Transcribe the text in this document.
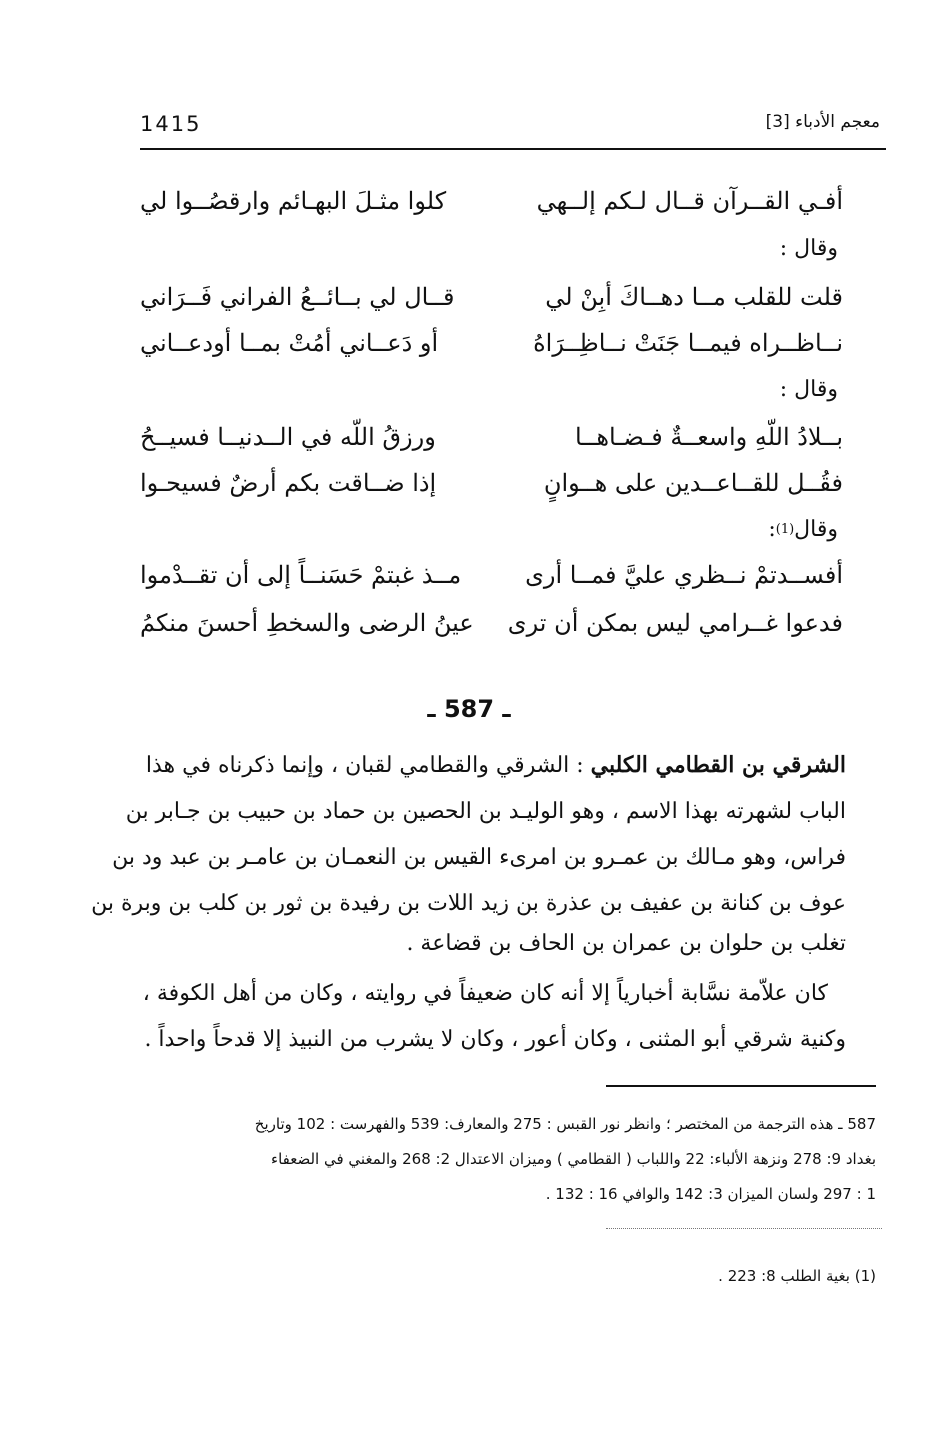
1415	معجم الأدباء [3]
أفـي القــرآن قــال لـكم إلــهي
كلوا مثـلَ البهـائم وارقصُــوا لي
وقال :
قلت للقلب مــا دهــاكَ أبِنْ لي
قــال لي بــائــعُ الفراني فَــرَاني
نــاظــراه فيمــا جَنَتْ نــاظِــرَاهُ
أو دَعــاني أمُتْ بمــا أودعــاني
وقال :
بــلادُ اللّهِ واسعــةٌ فـضـاهــا
ورزقُ اللّه في الــدنيــا فسيــحُ
فقُــل للقــاعــدين على هــوانٍ
إذا ضــاقت بكم أرضٌ فسيحـوا
وقال
(1)
:
أفســدتمْ نــظري عليَّ فمــا أرى
مــذ غبتمْ حَسَنــاً إلى أن تقــدْموا
فدعوا غــرامي ليس بمكن أن ترى
عينُ الرضى والسخطِ أحسنَ منكمُ
ـ 587 ـ
الشرقي بن القطامي الكلبي : الشرقي والقطامي لقبان ، وإنما ذكرناه في هذا
الباب لشهرته بهذا الاسم ، وهو الوليـد بن الحصين بن حماد بن حبيب بن جـابر بن
فراس، وهو مـالك بن عمـرو بن امرىء القيس بن النعمـان بن عامـر بن عبد ود بن
عوف بن كنانة بن عفيف بن عذرة بن زيد اللات بن رفيدة بن ثور بن كلب بن وبرة بن
تغلب بن حلوان بن عمران بن الحاف بن قضاعة .
كان علاّمة نسَّابة أخبارياً إلا أنه كان ضعيفاً في روايته ، وكان من أهل الكوفة ،
وكنية شرقي أبو المثنى ، وكان أعور ، وكان لا يشرب من النبيذ إلا قدحاً واحداً .
587 ـ هذه الترجمة من المختصر ؛ وانظر نور القبس : 275 والمعارف: 539 والفهرست : 102 وتاريخ
بغداد 9: 278 ونزهة الألباء: 22 واللباب ( القطامي ) وميزان الاعتدال 2: 268 والمغني في الضعفاء
1 : 297 ولسان الميزان 3: 142 والوافي 16 : 132 .
(1) بغية الطلب 8: 223 .
